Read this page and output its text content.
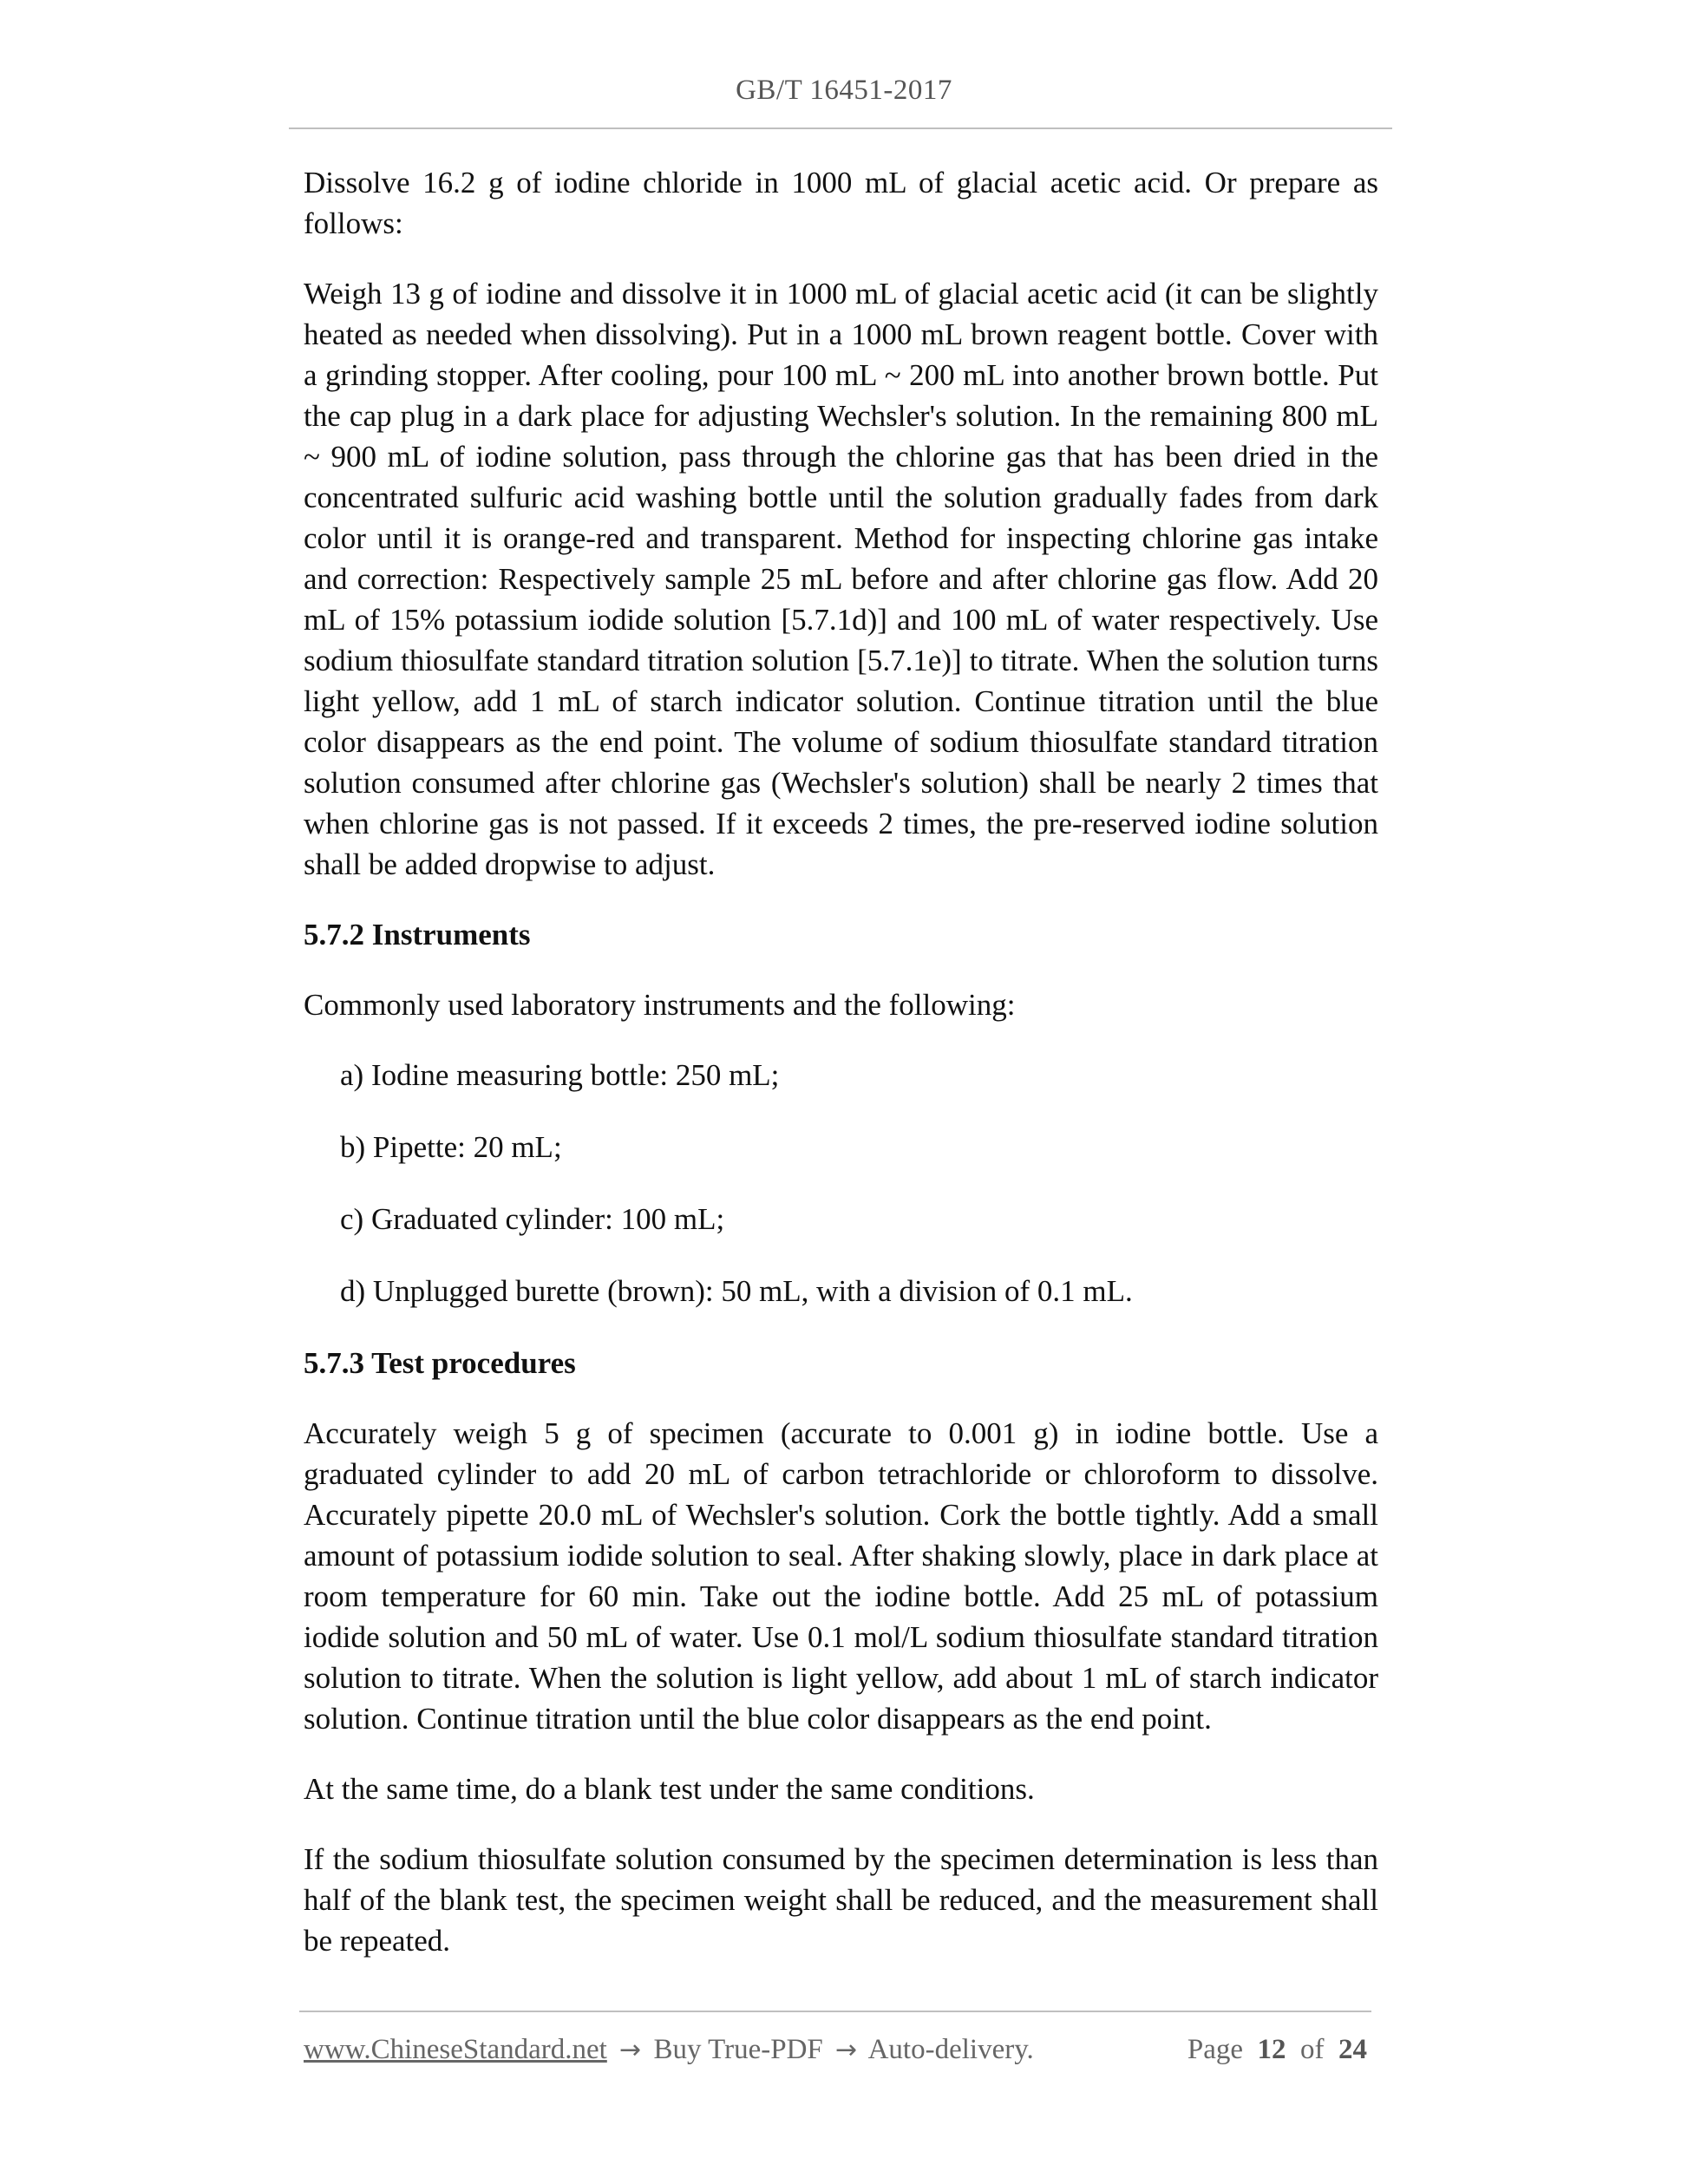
GB/T 16451-2017

Dissolve 16.2 g of iodine chloride in 1000 mL of glacial acetic acid. Or prepare as follows:

Weigh 13 g of iodine and dissolve it in 1000 mL of glacial acetic acid (it can be slightly heated as needed when dissolving). Put in a 1000 mL brown reagent bottle. Cover with a grinding stopper. After cooling, pour 100 mL ~ 200 mL into another brown bottle. Put the cap plug in a dark place for adjusting Wechsler's solution. In the remaining 800 mL ~ 900 mL of iodine solution, pass through the chlorine gas that has been dried in the concentrated sulfuric acid washing bottle until the solution gradually fades from dark color until it is orange-red and transparent. Method for inspecting chlorine gas intake and correction: Respectively sample 25 mL before and after chlorine gas flow. Add 20 mL of 15% potassium iodide solution [5.7.1d)] and 100 mL of water respectively. Use sodium thiosulfate standard titration solution [5.7.1e)] to titrate. When the solution turns light yellow, add 1 mL of starch indicator solution. Continue titration until the blue color disappears as the end point. The volume of sodium thiosulfate standard titration solution consumed after chlorine gas (Wechsler's solution) shall be nearly 2 times that when chlorine gas is not passed. If it exceeds 2 times, the pre-reserved iodine solution shall be added dropwise to adjust.

5.7.2 Instruments

Commonly used laboratory instruments and the following:

a) Iodine measuring bottle: 250 mL;
b) Pipette: 20 mL;
c) Graduated cylinder: 100 mL;
d) Unplugged burette (brown): 50 mL, with a division of 0.1 mL.
5.7.3 Test procedures

Accurately weigh 5 g of specimen (accurate to 0.001 g) in iodine bottle. Use a graduated cylinder to add 20 mL of carbon tetrachloride or chloroform to dissolve. Accurately pipette 20.0 mL of Wechsler's solution. Cork the bottle tightly. Add a small amount of potassium iodide solution to seal. After shaking slowly, place in dark place at room temperature for 60 min. Take out the iodine bottle. Add 25 mL of potassium iodide solution and 50 mL of water. Use 0.1 mol/L sodium thiosulfate standard titration solution to titrate. When the solution is light yellow, add about 1 mL of starch indicator solution. Continue titration until the blue color disappears as the end point.

At the same time, do a blank test under the same conditions.

If the sodium thiosulfate solution consumed by the specimen determination is less than half of the blank test, the specimen weight shall be reduced, and the measurement shall be repeated.

www.ChineseStandard.net → Buy True-PDF → Auto-delivery.	Page 12 of 24
